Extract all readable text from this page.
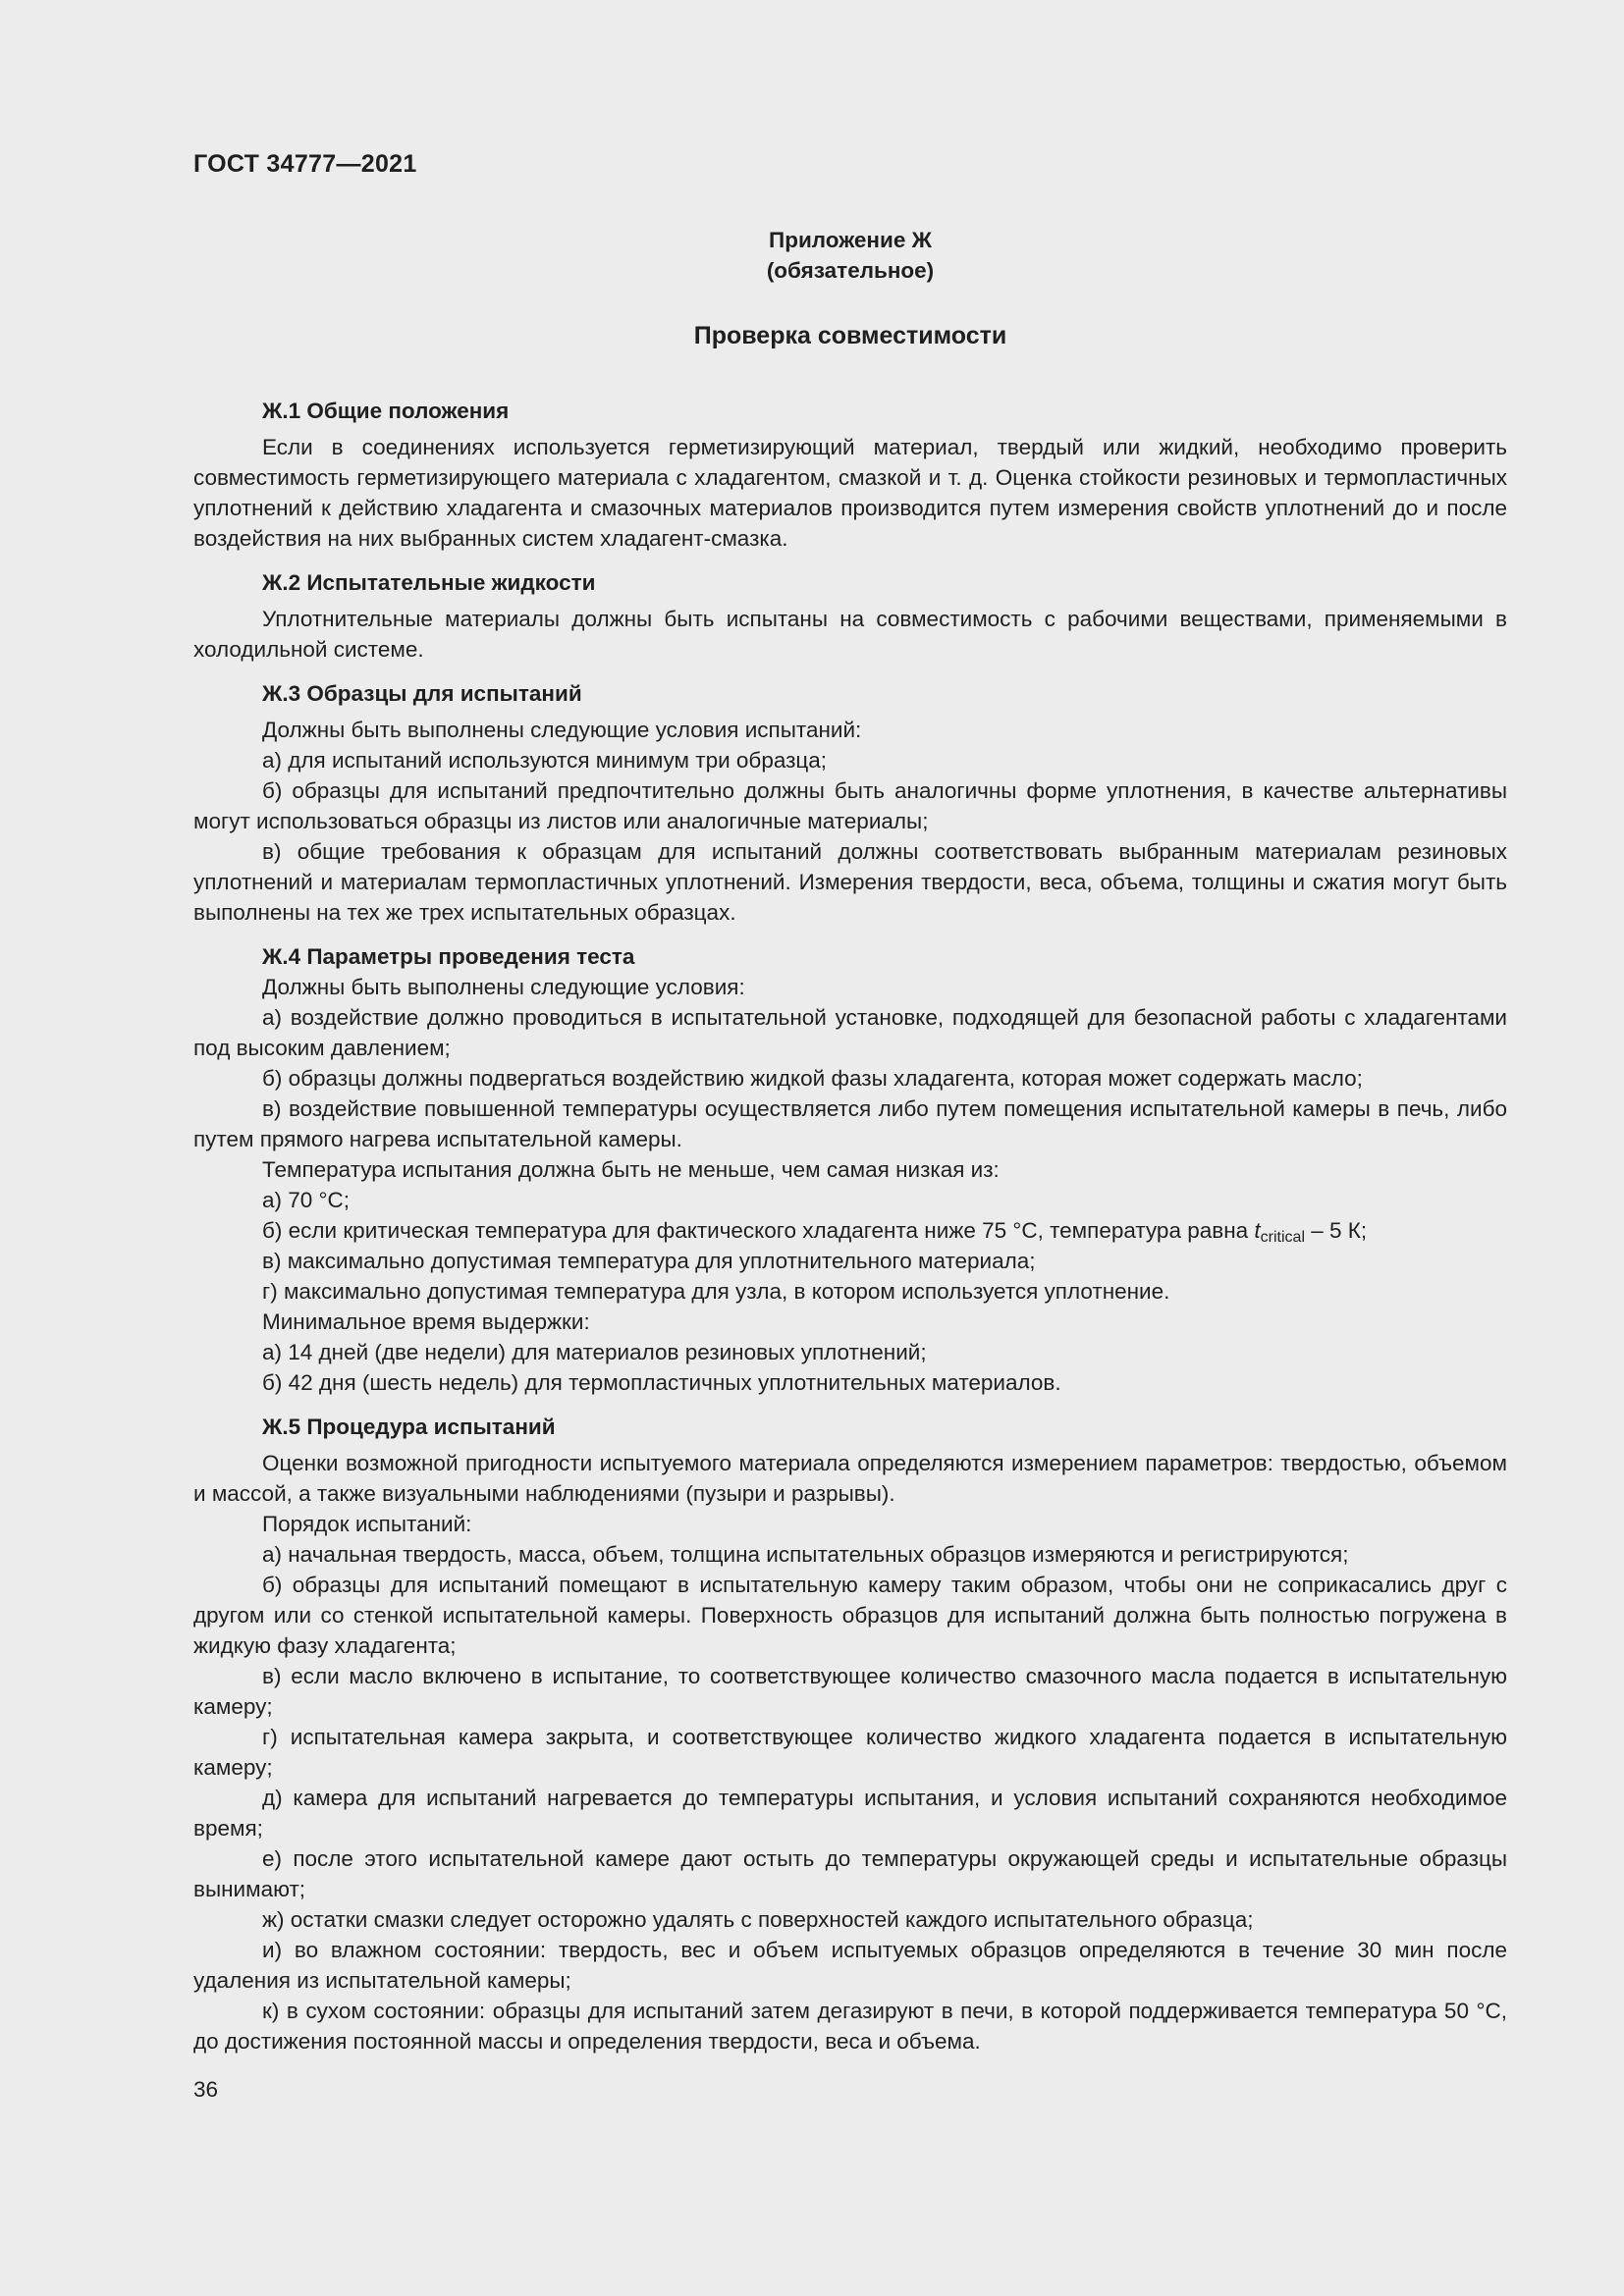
ГОСТ 34777—2021
Приложение Ж
(обязательное)
Проверка совместимости
Ж.1 Общие положения
Если в соединениях используется герметизирующий материал, твердый или жидкий, необходимо проверить совместимость герметизирующего материала с хладагентом, смазкой и т. д. Оценка стойкости резиновых и термопластичных уплотнений к действию хладагента и смазочных материалов производится путем измерения свойств уплотнений до и после воздействия на них выбранных систем хладагент-смазка.
Ж.2 Испытательные жидкости
Уплотнительные материалы должны быть испытаны на совместимость с рабочими веществами, применяемыми в холодильной системе.
Ж.3 Образцы для испытаний
Должны быть выполнены следующие условия испытаний:
а) для испытаний используются минимум три образца;
б) образцы для испытаний предпочтительно должны быть аналогичны форме уплотнения, в качестве альтернативы могут использоваться образцы из листов или аналогичные материалы;
в) общие требования к образцам для испытаний должны соответствовать выбранным материалам резиновых уплотнений и материалам термопластичных уплотнений. Измерения твердости, веса, объема, толщины и сжатия могут быть выполнены на тех же трех испытательных образцах.
Ж.4 Параметры проведения теста
Должны быть выполнены следующие условия:
а) воздействие должно проводиться в испытательной установке, подходящей для безопасной работы с хладагентами под высоким давлением;
б) образцы должны подвергаться воздействию жидкой фазы хладагента, которая может содержать масло;
в) воздействие повышенной температуры осуществляется либо путем помещения испытательной камеры в печь, либо путем прямого нагрева испытательной камеры.
Температура испытания должна быть не меньше, чем самая низкая из:
а) 70 °С;
б) если критическая температура для фактического хладагента ниже 75 °С, температура равна $t_{critical} - 5$ К;
в) максимально допустимая температура для уплотнительного материала;
г) максимально допустимая температура для узла, в котором используется уплотнение.
Минимальное время выдержки:
а) 14 дней (две недели) для материалов резиновых уплотнений;
б) 42 дня (шесть недель) для термопластичных уплотнительных материалов.
Ж.5 Процедура испытаний
Оценки возможной пригодности испытуемого материала определяются измерением параметров: твердостью, объемом и массой, а также визуальными наблюдениями (пузыри и разрывы).
Порядок испытаний:
а) начальная твердость, масса, объем, толщина испытательных образцов измеряются и регистрируются;
б) образцы для испытаний помещают в испытательную камеру таким образом, чтобы они не соприкасались друг с другом или со стенкой испытательной камеры. Поверхность образцов для испытаний должна быть полностью погружена в жидкую фазу хладагента;
в) если масло включено в испытание, то соответствующее количество смазочного масла подается в испытательную камеру;
г) испытательная камера закрыта, и соответствующее количество жидкого хладагента подается в испытательную камеру;
д) камера для испытаний нагревается до температуры испытания, и условия испытаний сохраняются необходимое время;
е) после этого испытательной камере дают остыть до температуры окружающей среды и испытательные образцы вынимают;
ж) остатки смазки следует осторожно удалять с поверхностей каждого испытательного образца;
и) во влажном состоянии: твердость, вес и объем испытуемых образцов определяются в течение 30 мин после удаления из испытательной камеры;
к) в сухом состоянии: образцы для испытаний затем дегазируют в печи, в которой поддерживается температура 50 °С, до достижения постоянной массы и определения твердости, веса и объема.
36
